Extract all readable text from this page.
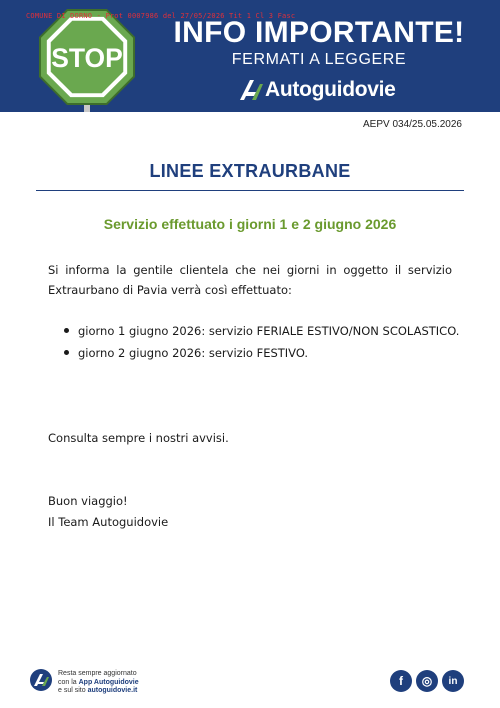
STOP
COMUNE DI DORNO - Prot 0007986 del 27/05/2026 Tit 1 Cl 3 Fasc
INFO IMPORTANTE!
FERMATI A LEGGERE
Autoguidovie
AEPV 034/25.05.2026
LINEE EXTRAURBANE
Servizio effettuato i giorni 1 e 2 giugno 2026
Si informa la gentile clientela che nei giorni in oggetto il servizio Extraurbano di Pavia verrà così effettuato:
giorno 1 giugno 2026: servizio FERIALE ESTIVO/NON SCOLASTICO.
giorno 2 giugno 2026: servizio FESTIVO.
Consulta sempre i nostri avvisi.
Buon viaggio!
Il Team Autoguidovie
Resta sempre aggiornato
con la App Autoguidovie
e sul sito autoguidovie.it
f ◎ in
